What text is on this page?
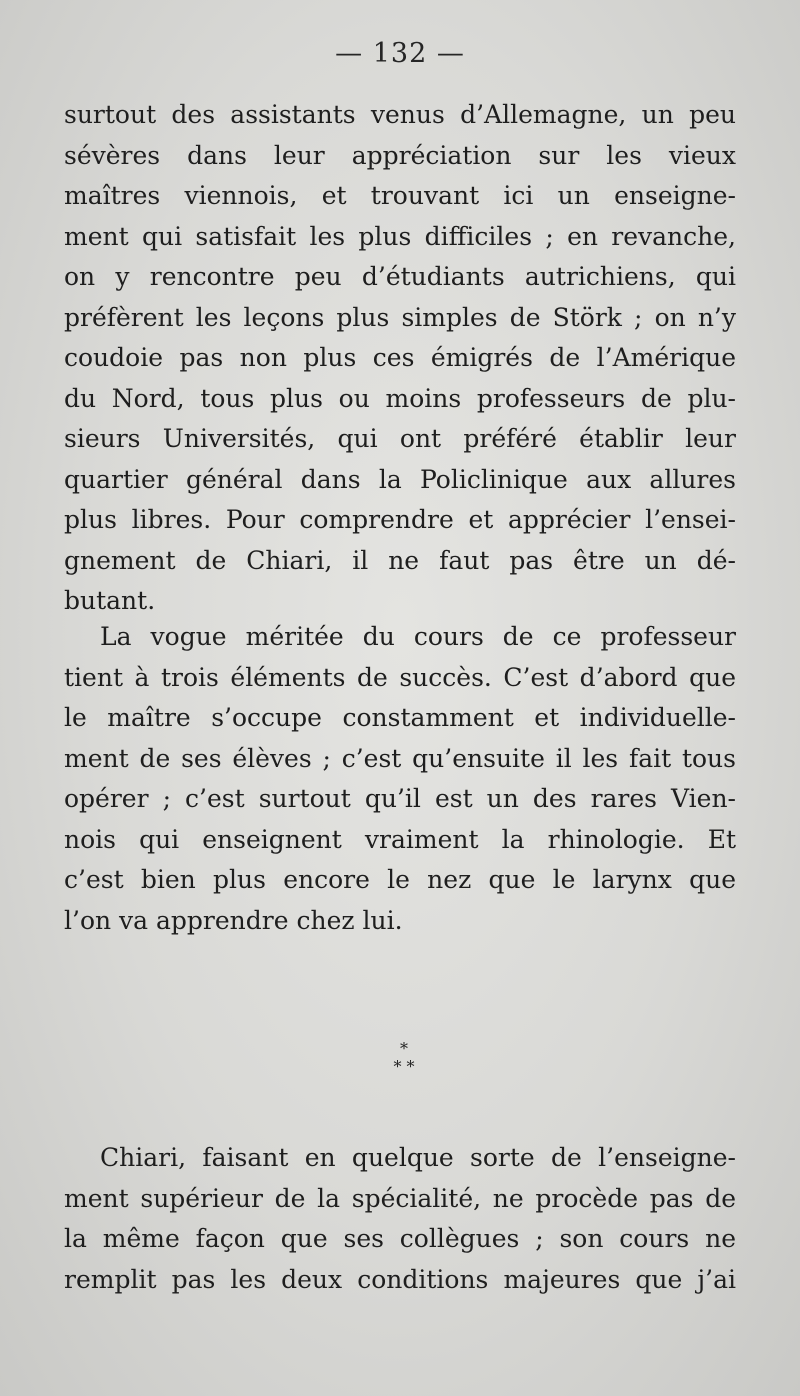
— 132 —

surtout des assistants venus d’Allemagne, un peu
sévères dans leur appréciation sur les vieux
maîtres viennois, et trouvant ici un enseigne-
ment qui satisfait les plus difficiles ; en revanche,
on y rencontre peu d’étudiants autrichiens, qui
préfèrent les leçons plus simples de Störk ; on n’y
coudoie pas non plus ces émigrés de l’Amérique
du Nord, tous plus ou moins professeurs de plu-
sieurs Universités, qui ont préféré établir leur
quartier général dans la Policlinique aux allures
plus libres. Pour comprendre et apprécier l’ensei-
gnement de Chiari, il ne faut pas être un dé-
butant.

La vogue méritée du cours de ce professeur
tient à trois éléments de succès. C’est d’abord que
le maître s’occupe constamment et individuelle-
ment de ses élèves ; c’est qu’ensuite il les fait tous
opérer ; c’est surtout qu’il est un des rares Vien-
nois qui enseignent vraiment la rhinologie. Et
c’est bien plus encore le nez que le larynx que
l’on va apprendre chez lui.

*
* *

Chiari, faisant en quelque sorte de l’enseigne-
ment supérieur de la spécialité, ne procède pas de
la même façon que ses collègues ; son cours ne
remplit pas les deux conditions majeures que j’ai
